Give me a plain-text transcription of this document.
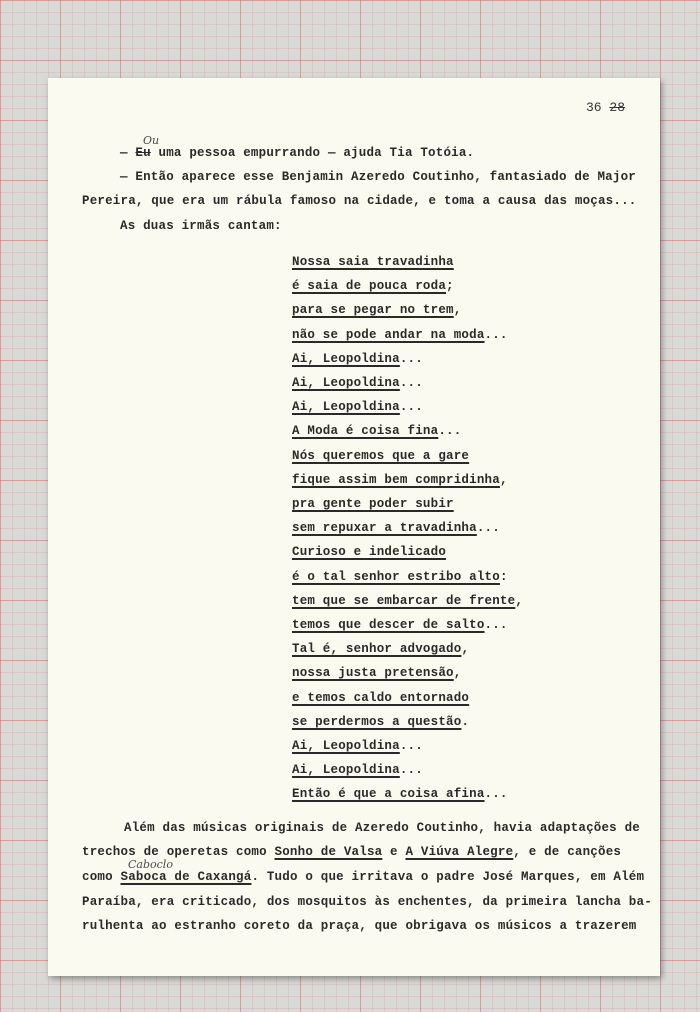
36 28
Ou
— Eu uma pessoa empurrando — ajuda Tia Totóia.
— Então aparece esse Benjamin Azeredo Coutinho, fantasiado de Major
Pereira, que era um rábula famoso na cidade, e toma a causa das moças...
As duas irmãs cantam:
Nossa saia travadinha
é saia de pouca roda;
para se pegar no trem,
não se pode andar na moda...
Ai, Leopoldina...
Ai, Leopoldina...
Ai, Leopoldina...
A Moda é coisa fina...
Nós queremos que a gare
fique assim bem compridinha,
pra gente poder subir
sem repuxar a travadinha...
Curioso e indelicado
é o tal senhor estribo alto:
tem que se embarcar de frente,
temos que descer de salto...
Tal é, senhor advogado,
nossa justa pretensão,
e temos caldo entornado
se perdermos a questão.
Ai, Leopoldina...
Ai, Leopoldina...
Então é que a coisa afina...
Além das músicas originais de Azeredo Coutinho, havia adaptações de
trechos de operetas como Sonho de Valsa e A Viúva Alegre, e de canções
Caboclo
como Saboca de Caxangá. Tudo o que irritava o padre José Marques, em Além
Paraíba, era criticado, dos mosquitos às enchentes, da primeira lancha ba-
rulhenta ao estranho coreto da praça, que obrigava os músicos a trazerem
